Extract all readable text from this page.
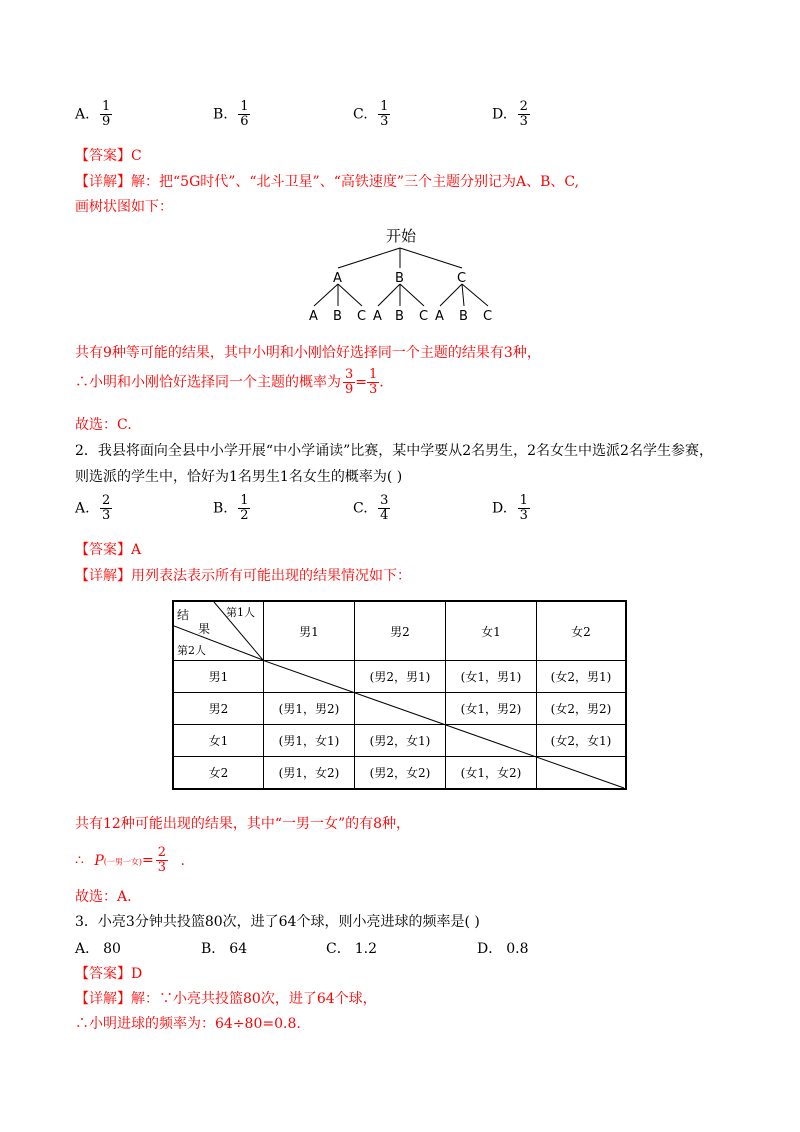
A. $\frac{1}{9}$	B. $\frac{1}{6}$	C. $\frac{1}{3}$	D. $\frac{2}{3}$
【答案】C
【详解】解：把“5G时代”、“北斗卫星”、“高铁速度”三个主题分别记为A、B、C,
画树状图如下：
开始
A	B	C
A B C A B C A B C
共有9种等可能的结果，其中小明和小刚恰好选择同一个主题的结果有3种，
∴小明和小刚恰好选择同一个主题的概率为 $\frac{3}{9} = \frac{1}{3}$ .
故选：C.
2．我县将面向全县中小学开展“中小学诵读”比赛，某中学要从2名男生，2名女生中选派2名学生参赛，
则选派的学生中，恰好为1名男生1名女生的概率为( )
A. $\frac{2}{3}$	B. $\frac{1}{2}$	C. $\frac{3}{4}$	D. $\frac{1}{3}$
【答案】A
【详解】用列表法表示所有可能出现的结果情况如下：
第1人
结
果
第2人	男1	男2	女1	女2
男1		(男2，男1)	(女1，男1)	(女2，男1)
男2	(男1，男2)		(女1，男2)	(女2，男2)
女1	(男1，女1)	(男2，女1)		(女2，女1)
女2	(男1，女2)	(男2，女2)	(女1，女2)	
共有12种可能出现的结果，其中“一男一女”的有8种，
∴ P(一男一女)= $\frac{2}{3}$ .
故选：A.
3．小亮3分钟共投篮80次，进了64个球，则小亮进球的频率是( )
A． 80	B． 64	C． 1.2	D． 0.8
【答案】D
【详解】解：∵小亮共投篮80次，进了64个球，
∴小明进球的频率为：64÷80=0.8.
